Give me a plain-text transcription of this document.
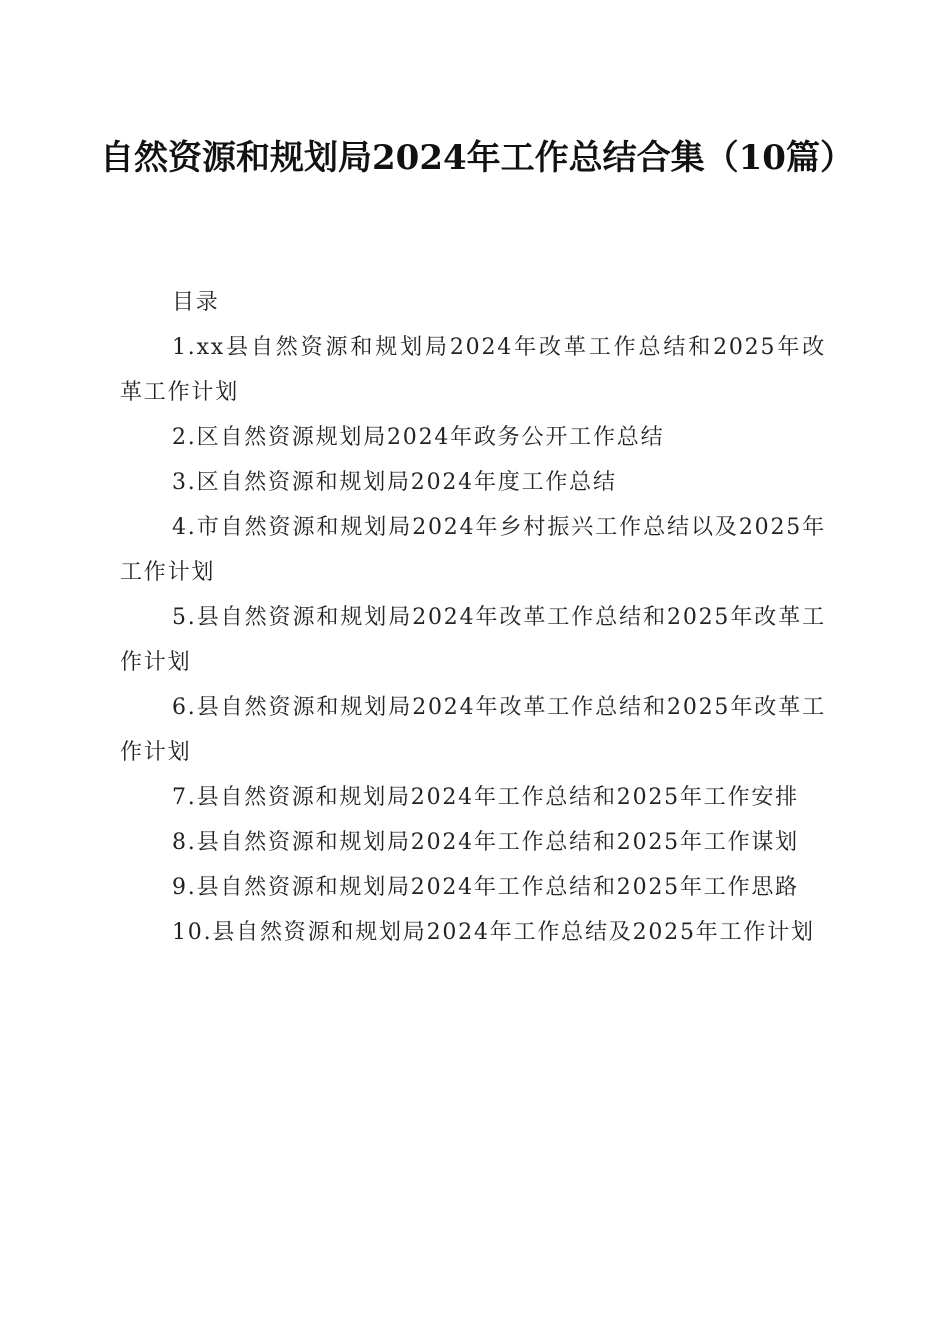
自然资源和规划局2024年工作总结合集（10篇）

目录

1.xx县自然资源和规划局2024年改革工作总结和2025年改革工作计划

2.区自然资源规划局2024年政务公开工作总结

3.区自然资源和规划局2024年度工作总结

4.市自然资源和规划局2024年乡村振兴工作总结以及2025年工作计划

5.县自然资源和规划局2024年改革工作总结和2025年改革工作计划

6.县自然资源和规划局2024年改革工作总结和2025年改革工作计划

7.县自然资源和规划局2024年工作总结和2025年工作安排

8.县自然资源和规划局2024年工作总结和2025年工作谋划

9.县自然资源和规划局2024年工作总结和2025年工作思路

10.县自然资源和规划局2024年工作总结及2025年工作计划
